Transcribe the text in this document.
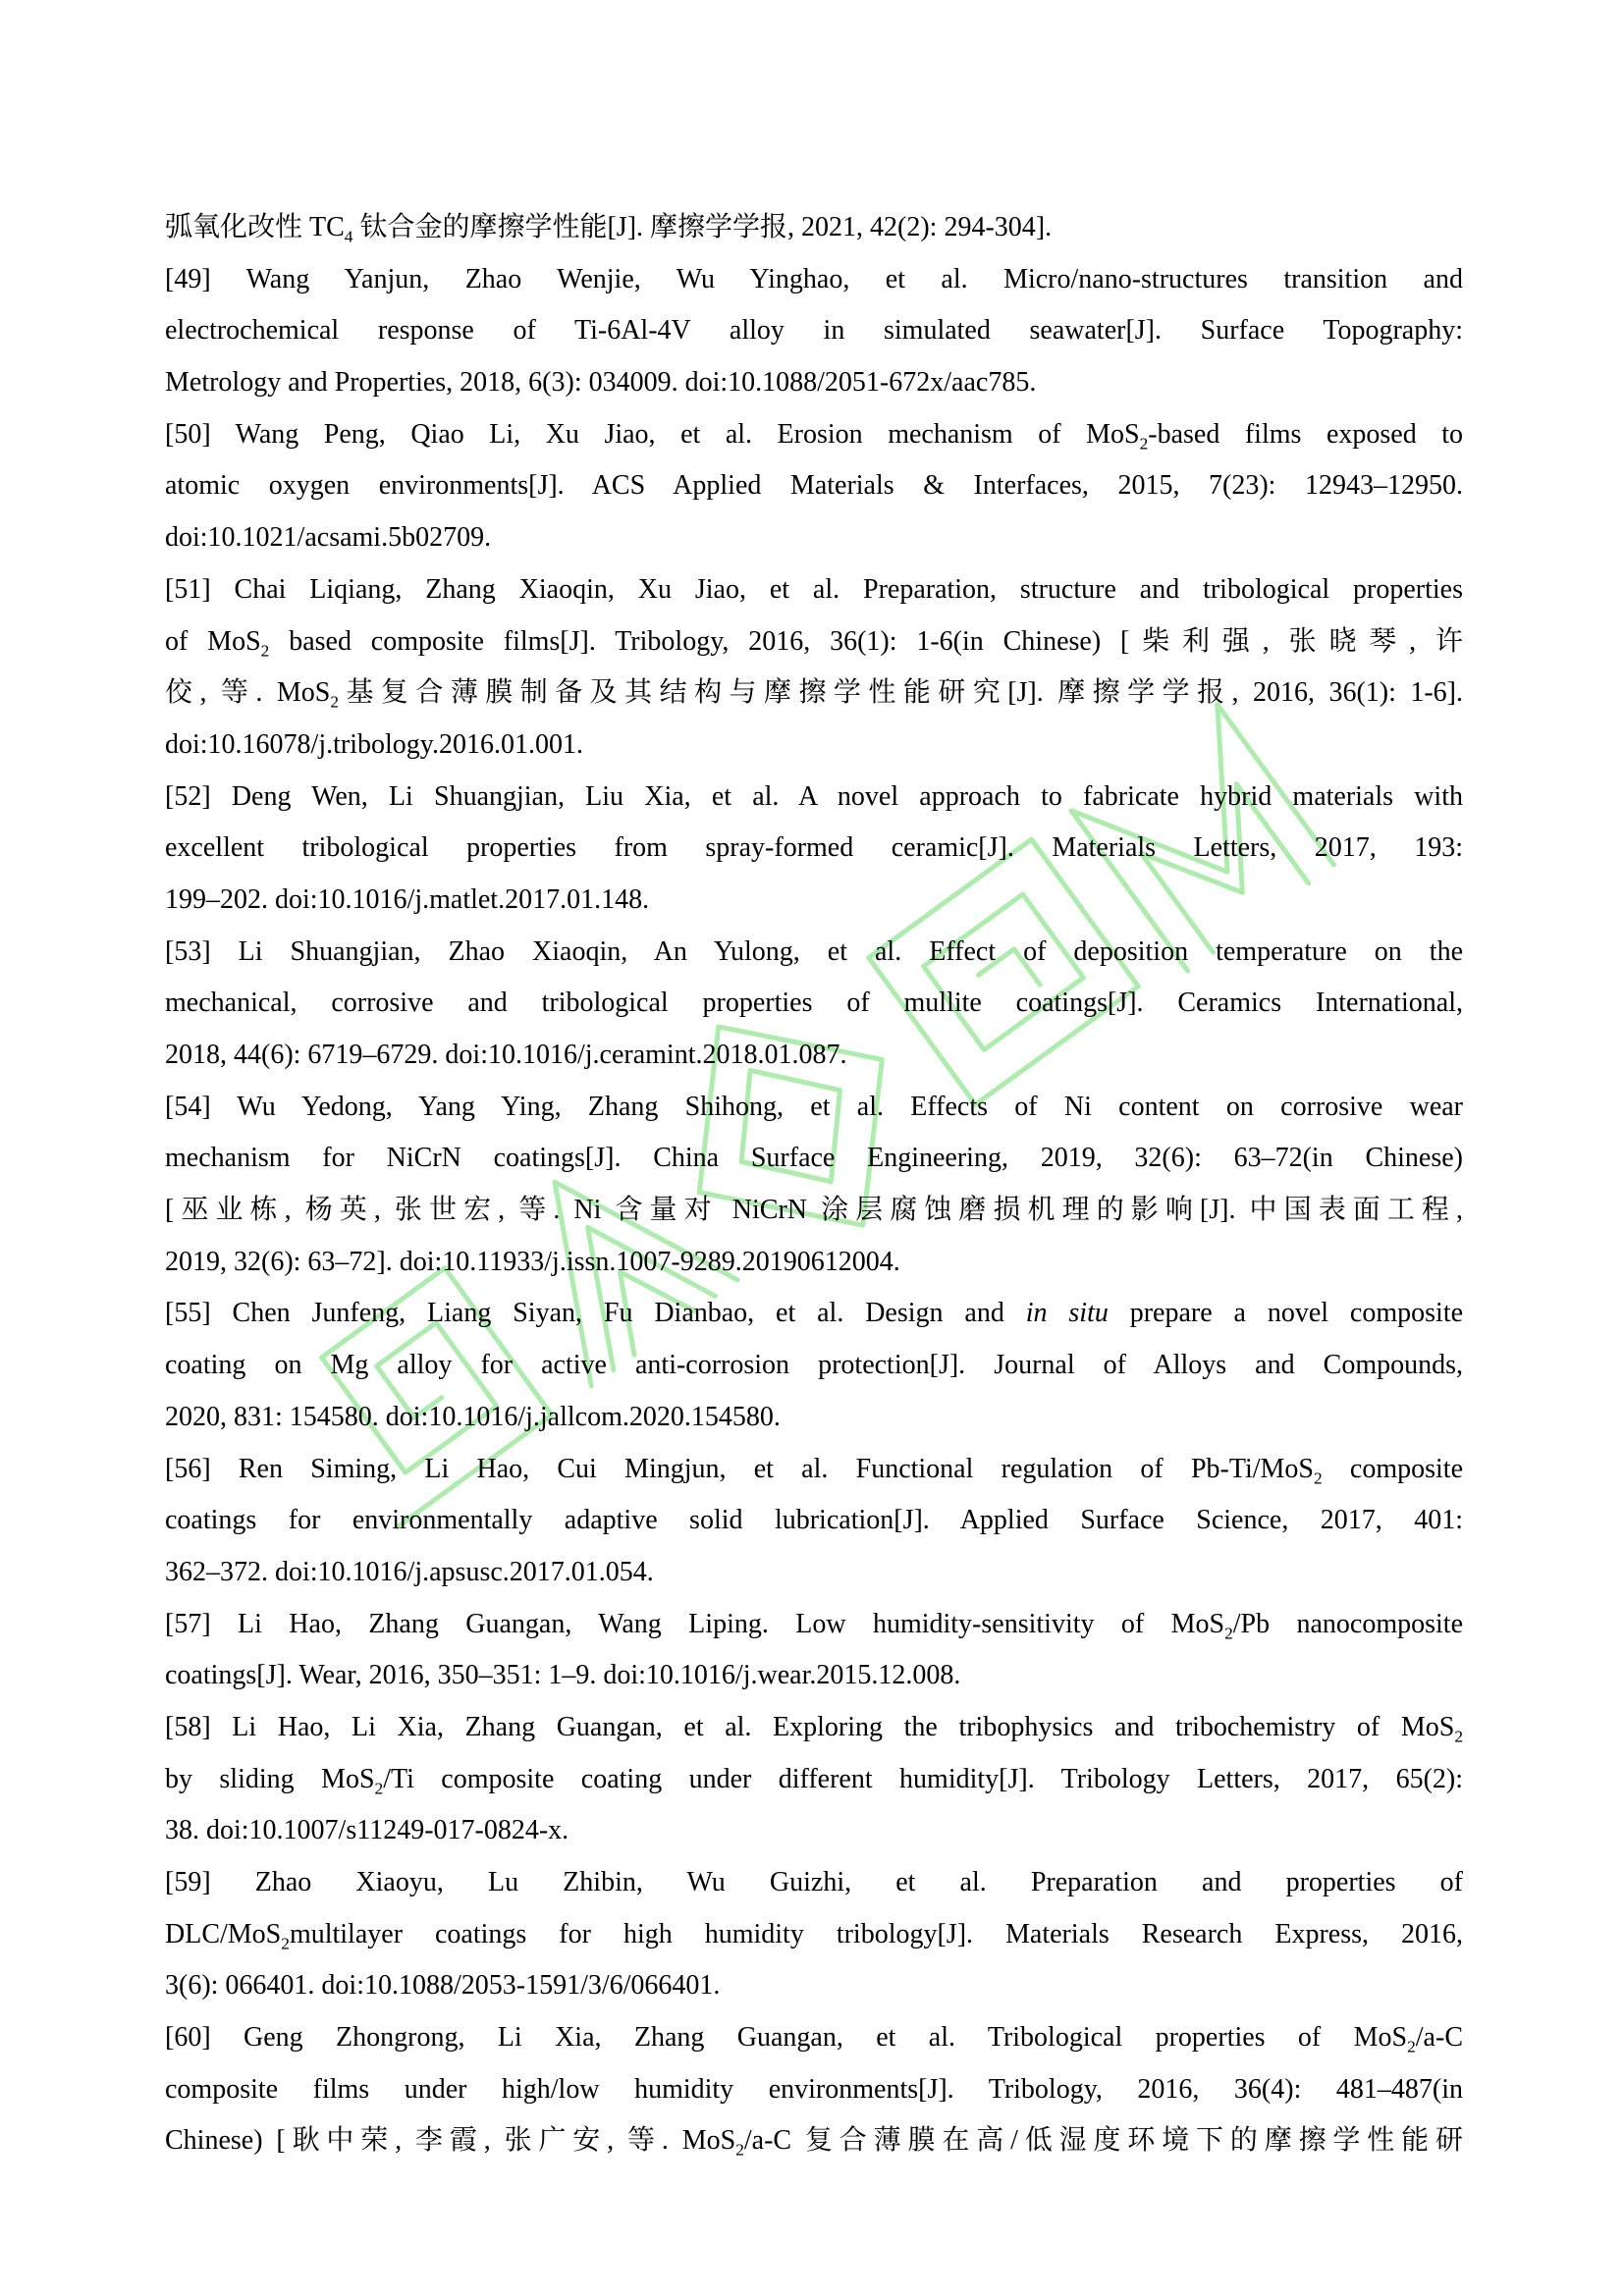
弧氧化改性 $TC_4$ 钛合金的摩擦学性能[J]. 摩擦学学报, 2021, 42(2): 294-304].
[49] Wang Yanjun, Zhao Wenjie, Wu Yinghao, et al. Micro/nano-structures transition and
electrochemical response of Ti-6Al-4V alloy in simulated seawater[J]. Surface Topography:
Metrology and Properties, 2018, 6(3): 034009. doi:10.1088/2051-672x/aac785.
[50] Wang Peng, Qiao Li, Xu Jiao, et al. Erosion mechanism of MoS$_2$-based films exposed to
atomic oxygen environments[J]. ACS Applied Materials & Interfaces, 2015, 7(23): 12943–12950.
doi:10.1021/acsami.5b02709.
[51] Chai Liqiang, Zhang Xiaoqin, Xu Jiao, et al. Preparation, structure and tribological properties
of MoS$_2$ based composite films[J]. Tribology, 2016, 36(1): 1-6(in Chinese) [柴利强, 张晓琴, 许
佼, 等. MoS$_2$基复合薄膜制备及其结构与摩擦学性能研究[J]. 摩擦学学报, 2016, 36(1): 1-6].
doi:10.16078/j.tribology.2016.01.001.
[52] Deng Wen, Li Shuangjian, Liu Xia, et al. A novel approach to fabricate hybrid materials with
excellent tribological properties from spray-formed ceramic[J]. Materials Letters, 2017, 193:
199–202. doi:10.1016/j.matlet.2017.01.148.
[53] Li Shuangjian, Zhao Xiaoqin, An Yulong, et al. Effect of deposition temperature on the
mechanical, corrosive and tribological properties of mullite coatings[J]. Ceramics International,
2018, 44(6): 6719–6729. doi:10.1016/j.ceramint.2018.01.087.
[54] Wu Yedong, Yang Ying, Zhang Shihong, et al. Effects of Ni content on corrosive wear
mechanism for NiCrN coatings[J]. China Surface Engineering, 2019, 32(6): 63–72(in Chinese)
[巫业栋, 杨英, 张世宏, 等. Ni 含量对 NiCrN 涂层腐蚀磨损机理的影响[J]. 中国表面工程,
2019, 32(6): 63–72]. doi:10.11933/j.issn.1007-9289.20190612004.
[55] Chen Junfeng, Liang Siyan, Fu Dianbao, et al. Design and in situ prepare a novel composite
coating on Mg alloy for active anti-corrosion protection[J]. Journal of Alloys and Compounds,
2020, 831: 154580. doi:10.1016/j.jallcom.2020.154580.
[56] Ren Siming, Li Hao, Cui Mingjun, et al. Functional regulation of Pb-Ti/MoS$_2$ composite
coatings for environmentally adaptive solid lubrication[J]. Applied Surface Science, 2017, 401:
362–372. doi:10.1016/j.apsusc.2017.01.054.
[57] Li Hao, Zhang Guangan, Wang Liping. Low humidity-sensitivity of MoS$_2$/Pb nanocomposite
coatings[J]. Wear, 2016, 350–351: 1–9. doi:10.1016/j.wear.2015.12.008.
[58] Li Hao, Li Xia, Zhang Guangan, et al. Exploring the tribophysics and tribochemistry of MoS$_2$
by sliding MoS$_2$/Ti composite coating under different humidity[J]. Tribology Letters, 2017, 65(2):
38. doi:10.1007/s11249-017-0824-x.
[59] Zhao Xiaoyu, Lu Zhibin, Wu Guizhi, et al. Preparation and properties of
DLC/MoS$_2$multilayer coatings for high humidity tribology[J]. Materials Research Express, 2016,
3(6): 066401. doi:10.1088/2053-1591/3/6/066401.
[60] Geng Zhongrong, Li Xia, Zhang Guangan, et al. Tribological properties of MoS$_2$/a-C
composite films under high/low humidity environments[J]. Tribology, 2016, 36(4): 481–487(in
Chinese) [耿中荣, 李霞, 张广安, 等. MoS$_2$/a-C 复合薄膜在高/低湿度环境下的摩擦学性能研
